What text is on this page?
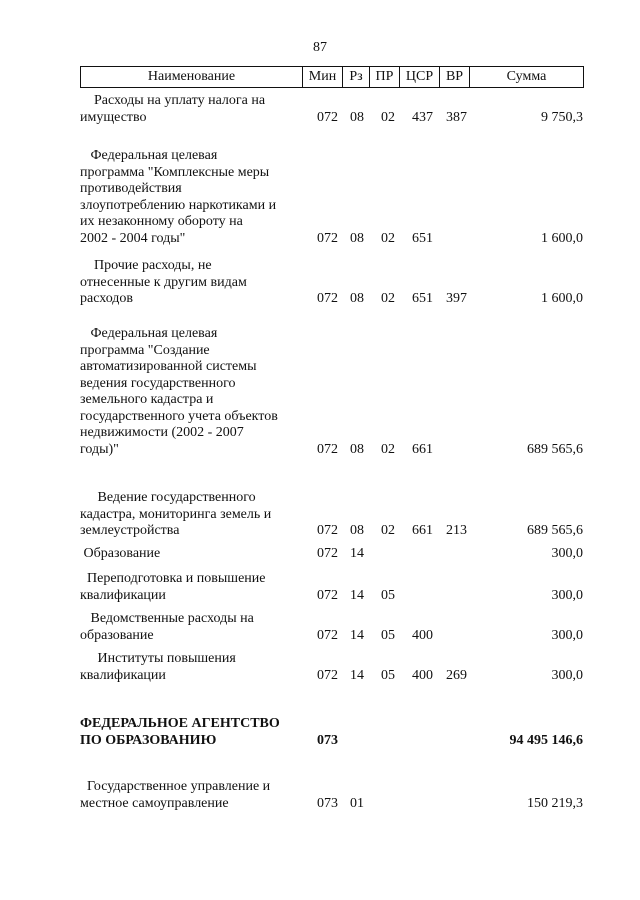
87
Наименование	Мин Рз ПР ЦСР ВР	Сумма
Расходы на уплату налога на
имущество	072 08 02 437 387	9 750,3
Федеральная целевая
программа "Комплексные меры
противодействия
злоупотреблению наркотиками и
их незаконному обороту на
2002 - 2004 годы"	072 08 02 651	1 600,0
Прочие расходы, не
отнесенные к другим видам
расходов	072 08 02 651 397	1 600,0
Федеральная целевая
программа "Создание
автоматизированной системы
ведения государственного
земельного кадастра и
государственного учета объектов
недвижимости (2002 - 2007
годы)"	072 08 02 661	689 565,6
Ведение государственного
кадастра, мониторинга земель и
землеустройства	072 08 02 661 213	689 565,6
Образование	072 14	300,0
Переподготовка и повышение
квалификации	072 14 05	300,0
Ведомственные расходы на
образование	072 14 05 400	300,0
Институты повышения
квалификации	072 14 05 400 269	300,0
ФЕДЕРАЛЬНОЕ АГЕНТСТВО
ПО ОБРАЗОВАНИЮ	073	94 495 146,6
Государственное управление и
местное самоуправление	073 01	150 219,3
